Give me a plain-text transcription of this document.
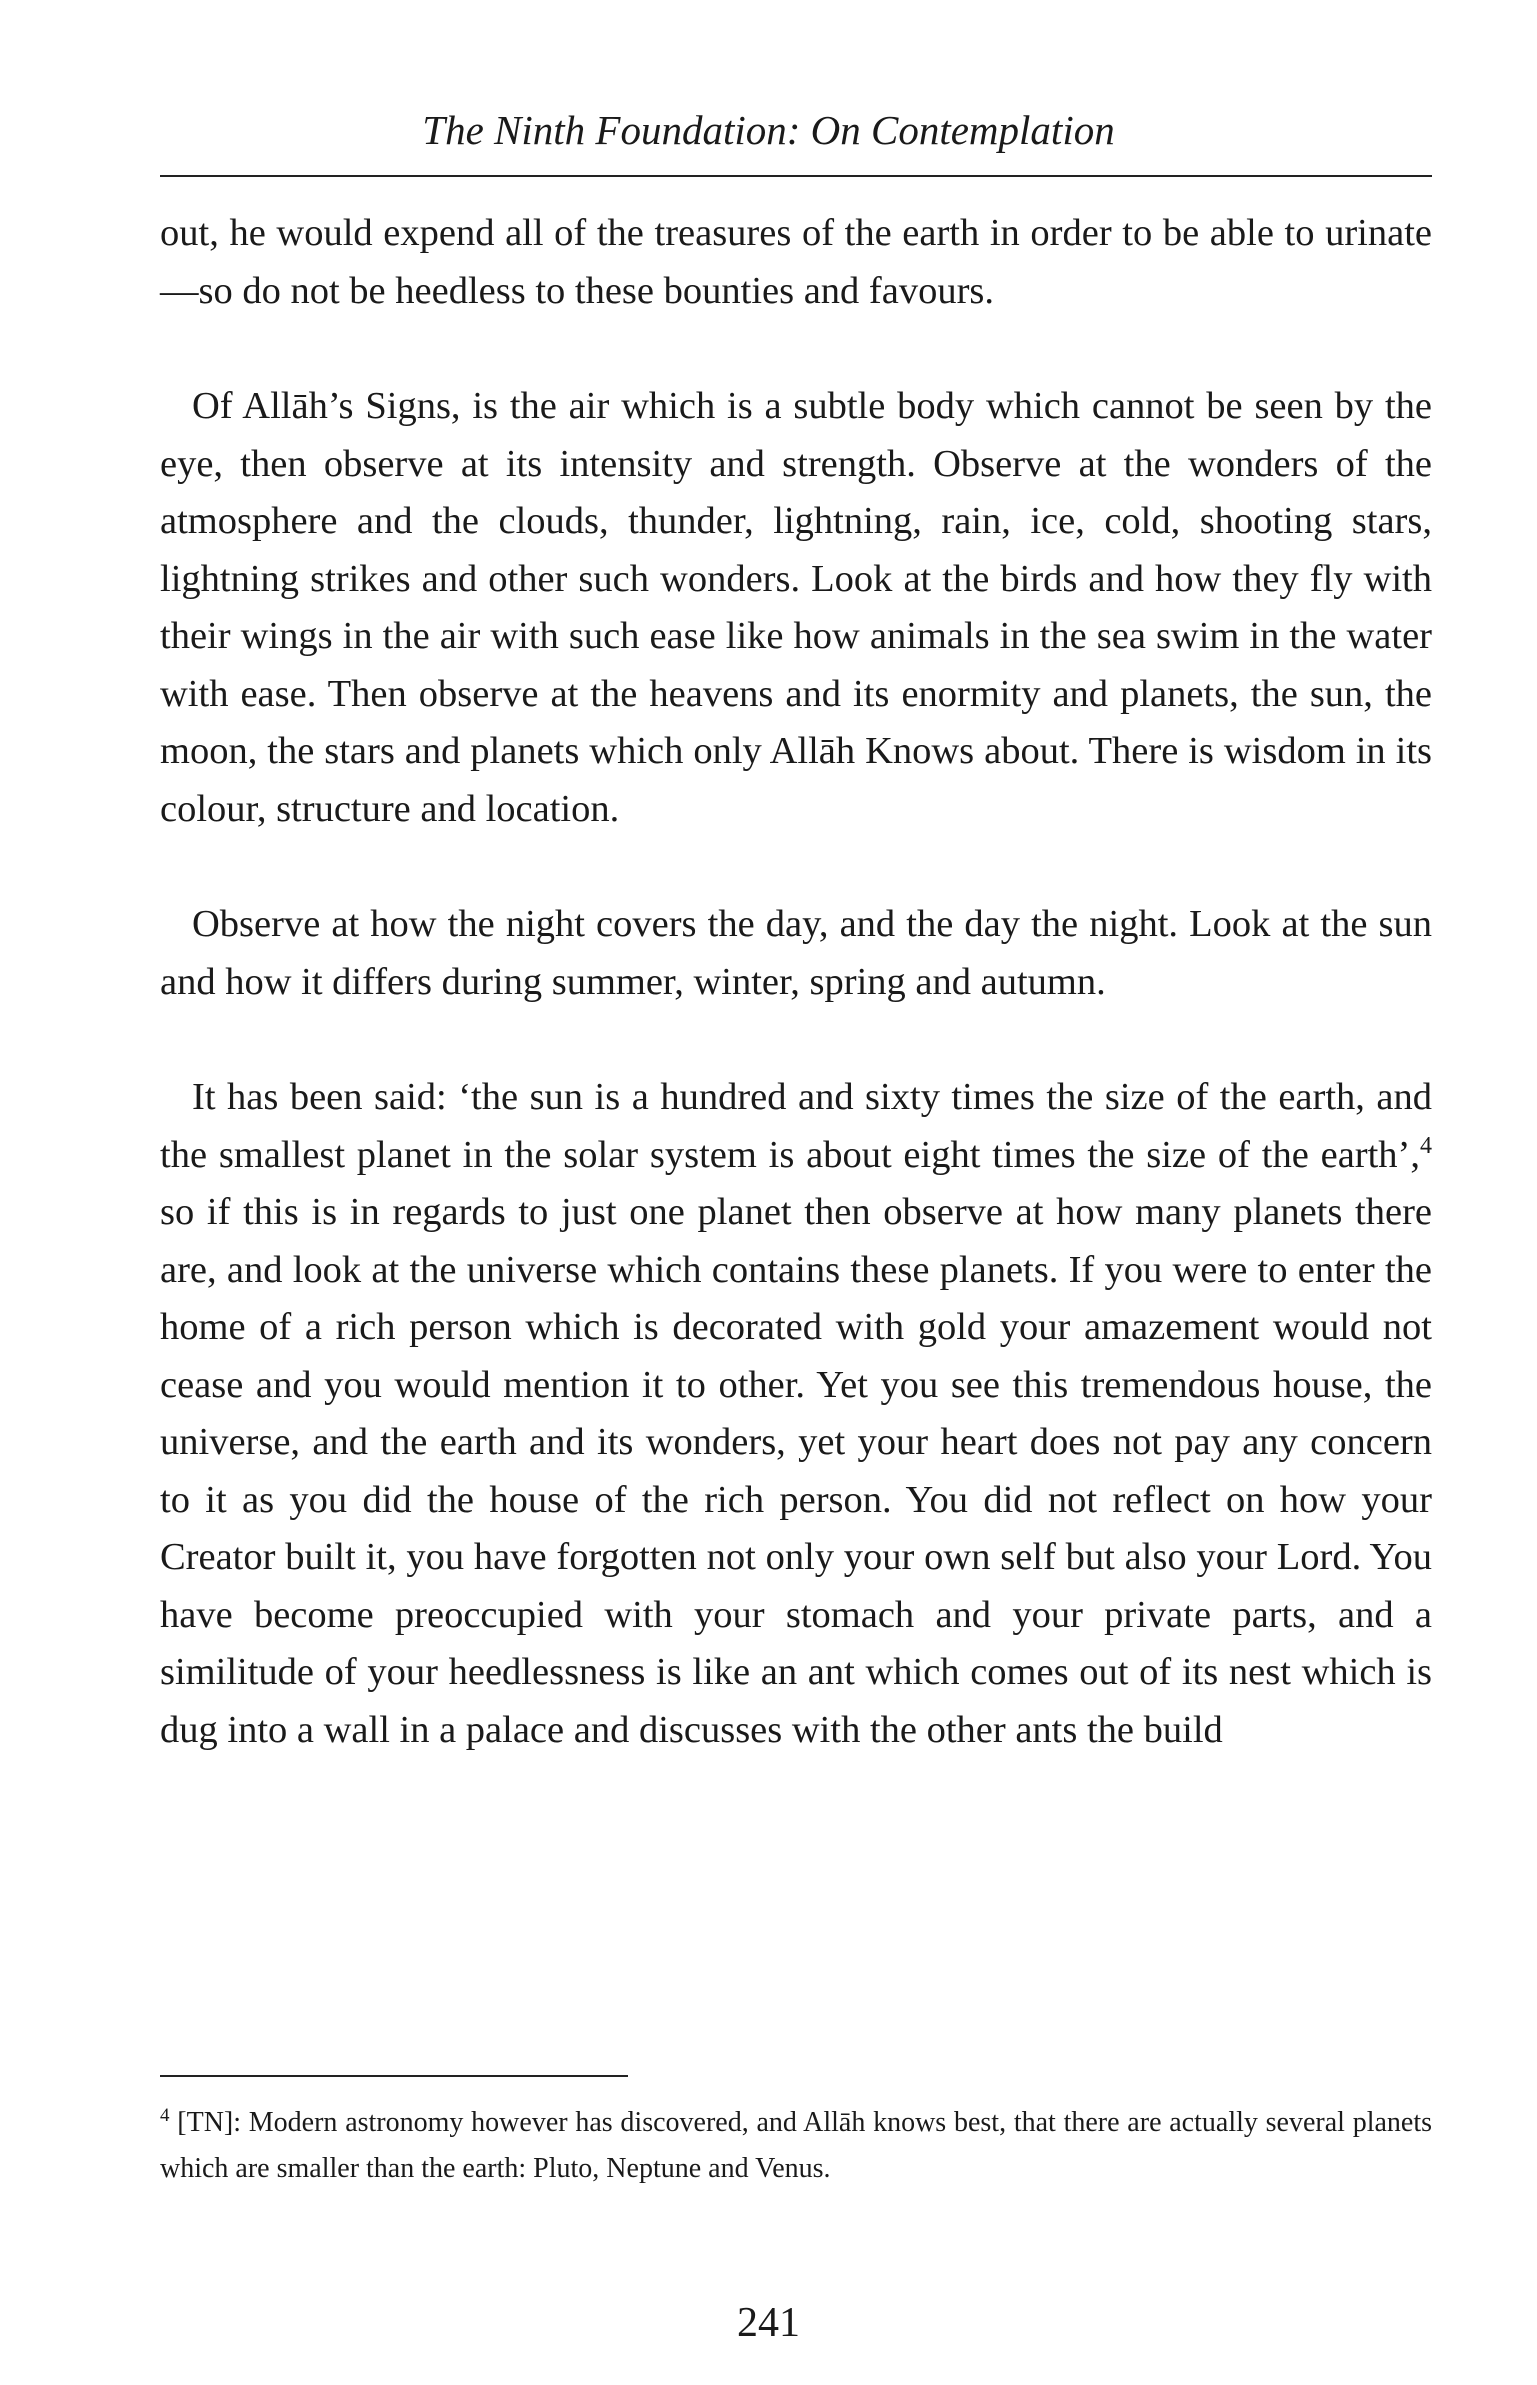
The Ninth Foundation: On Contemplation

out, he would expend all of the treasures of the earth in order to be able to urinate—so do not be heedless to these bounties and favours.

Of Allāh’s Signs, is the air which is a subtle body which cannot be seen by the eye, then observe at its intensity and strength. Observe at the wonders of the atmosphere and the clouds, thunder, lightning, rain, ice, cold, shooting stars, lightning strikes and other such wonders. Look at the birds and how they fly with their wings in the air with such ease like how animals in the sea swim in the water with ease. Then observe at the heavens and its enormity and planets, the sun, the moon, the stars and planets which only Allāh Knows about. There is wisdom in its colour, structure and location.

Observe at how the night covers the day, and the day the night. Look at the sun and how it differs during summer, winter, spring and autumn.

It has been said: ‘the sun is a hundred and sixty times the size of the earth, and the smallest planet in the solar system is about eight times the size of the earth’,$^4$ so if this is in regards to just one planet then observe at how many planets there are, and look at the universe which contains these planets. If you were to enter the home of a rich person which is decorated with gold your amazement would not cease and you would mention it to other. Yet you see this tremendous house, the universe, and the earth and its wonders, yet your heart does not pay any concern to it as you did the house of the rich person. You did not reflect on how your Creator built it, you have forgotten not only your own self but also your Lord. You have become preoccupied with your stomach and your private parts, and a similitude of your heedlessness is like an ant which comes out of its nest which is dug into a wall in a palace and discusses with the other ants the build

$^4$ [TN]: Modern astronomy however has discovered, and Allāh knows best, that there are actually several planets which are smaller than the earth: Pluto, Neptune and Venus.

241
